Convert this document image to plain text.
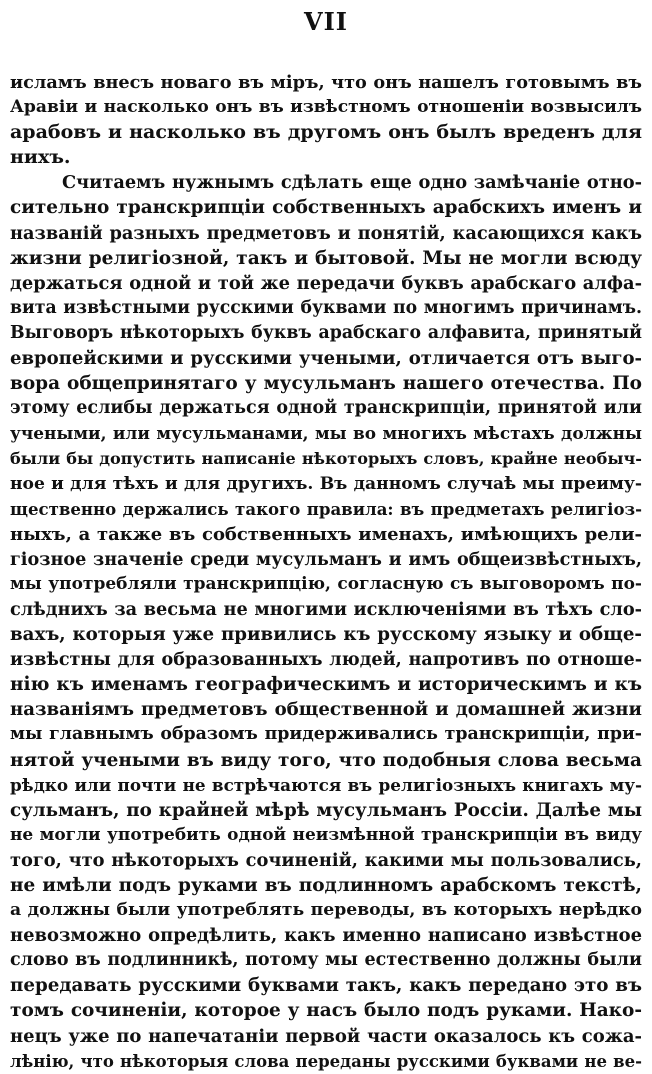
VII
исламъ внесъ новаго въ міръ, что онъ нашелъ готовымъ въ
Аравіи и насколько онъ въ извѣстномъ отношеніи возвысилъ
арабовъ и насколько въ другомъ онъ былъ вреденъ для
нихъ.
Считаемъ нужнымъ сдѣлать еще одно замѣчаніе отно-
сительно транскрипціи собственныхъ арабскихъ именъ и
названій разныхъ предметовъ и понятій, касающихся какъ
жизни религіозной, такъ и бытовой. Мы не могли всюду
держаться одной и той же передачи буквъ арабскаго алфа-
вита извѣстными русскими буквами по многимъ причинамъ.
Выговоръ нѣкоторыхъ буквъ арабскаго алфавита, принятый
европейскими и русскими учеными, отличается отъ выго-
вора общепринятаго у мусульманъ нашего отечества. По
этому еслибы держаться одной транскрипціи, принятой или
учеными, или мусульманами, мы во многихъ мѣстахъ должны
были бы допустить написаніе нѣкоторыхъ словъ, крайне необыч-
ное и для тѣхъ и для другихъ. Въ данномъ случаѣ мы преиму-
щественно держались такого правила: въ предметахъ религіоз-
ныхъ, а также въ собственныхъ именахъ, имѣющихъ рели-
гіозное значеніе среди мусульманъ и имъ общеизвѣстныхъ,
мы употребляли транскрипцію, согласную съ выговоромъ по-
слѣднихъ за весьма не многими исключеніями въ тѣхъ сло-
вахъ, которыя уже привились къ русскому языку и обще-
извѣстны для образованныхъ людей, напротивъ по отноше-
нію къ именамъ географическимъ и историческимъ и къ
названіямъ предметовъ общественной и домашней жизни
мы главнымъ образомъ придерживались транскрипціи, при-
нятой учеными въ виду того, что подобныя слова весьма
рѣдко или почти не встрѣчаются въ религіозныхъ книгахъ му-
сульманъ, по крайней мѣрѣ мусульманъ Россіи. Далѣе мы
не могли употребить одной неизмѣнной транскрипціи въ виду
того, что нѣкоторыхъ сочиненій, какими мы пользовались,
не имѣли подъ руками въ подлинномъ арабскомъ текстѣ,
а должны были употреблять переводы, въ которыхъ нерѣдко
невозможно опредѣлить, какъ именно написано извѣстное
слово въ подлинникѣ, потому мы естественно должны были
передавать русскими буквами такъ, какъ передано это въ
томъ сочиненіи, которое у насъ было подъ руками. Нако-
нецъ уже по напечатаніи первой части оказалось къ сожа-
лѣнію, что нѣкоторыя слова переданы русскими буквами не ве-
